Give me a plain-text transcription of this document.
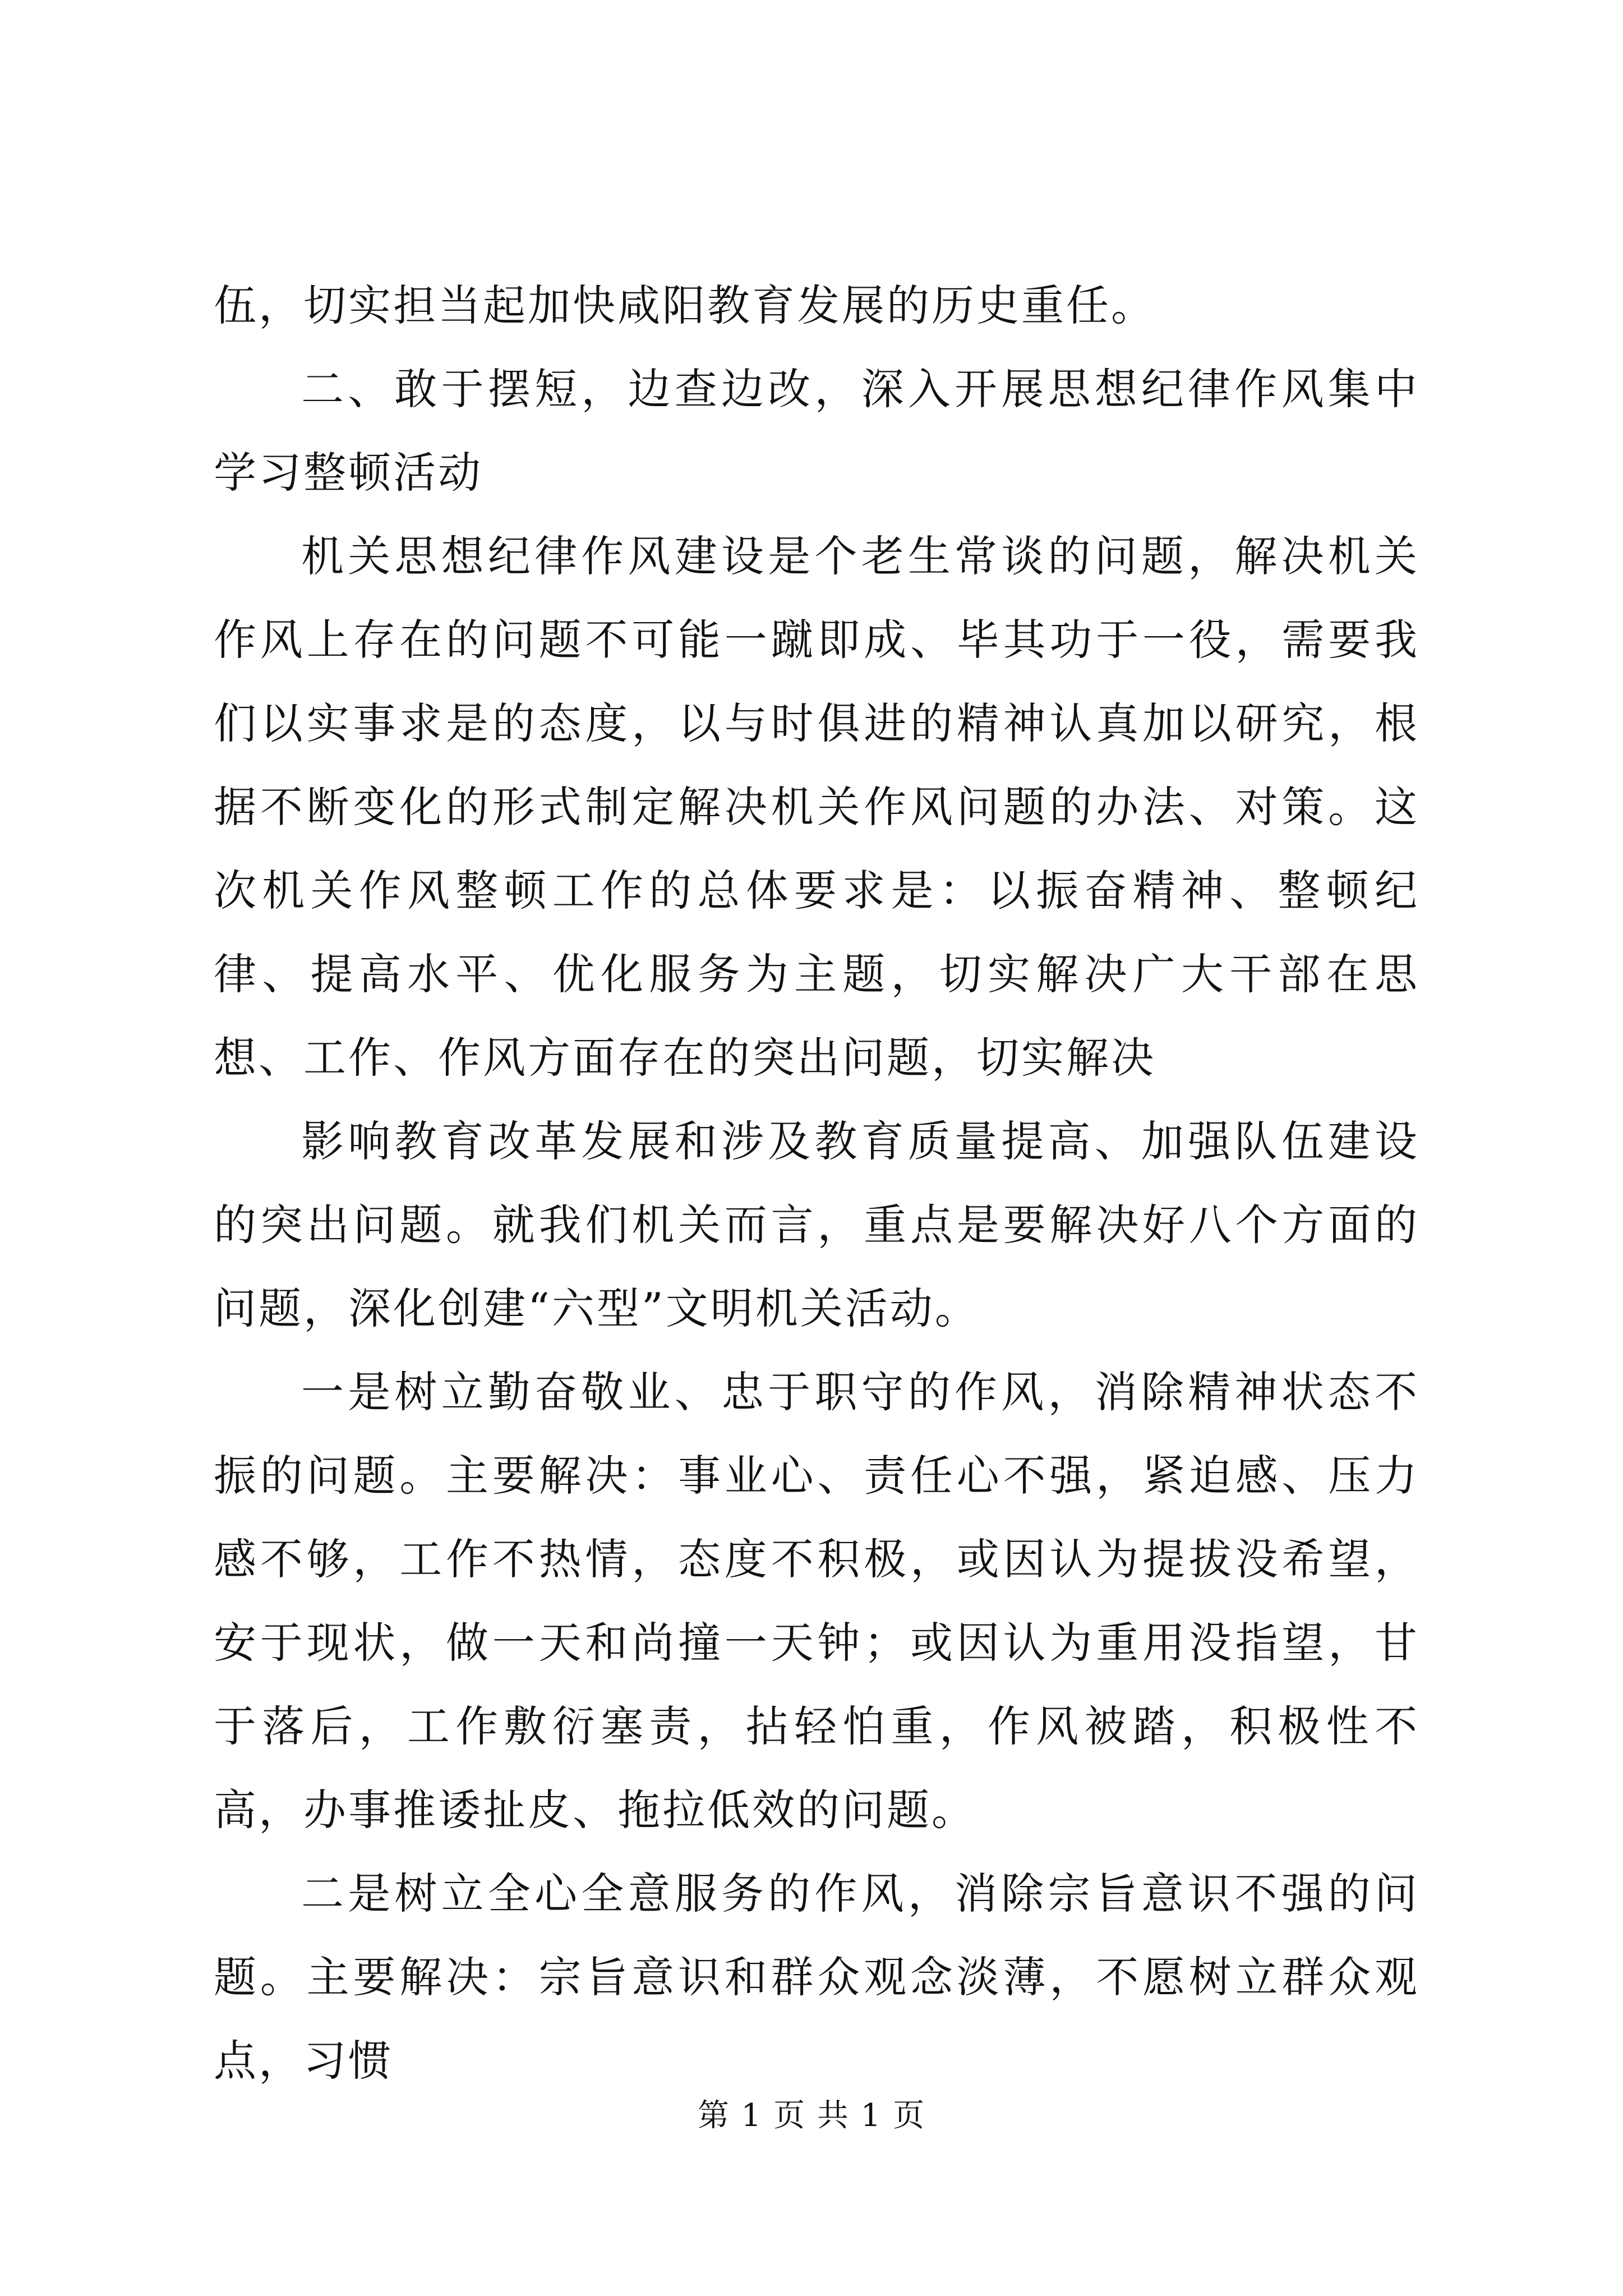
伍，切实担当起加快咸阳教育发展的历史重任。

二、敢于摆短，边查边改，深入开展思想纪律作风集中学习整顿活动

机关思想纪律作风建设是个老生常谈的问题，解决机关作风上存在的问题不可能一蹴即成、毕其功于一役，需要我们以实事求是的态度，以与时俱进的精神认真加以研究，根据不断变化的形式制定解决机关作风问题的办法、对策。这次机关作风整顿工作的总体要求是：以振奋精神、整顿纪律、提高水平、优化服务为主题，切实解决广大干部在思想、工作、作风方面存在的突出问题，切实解决

影响教育改革发展和涉及教育质量提高、加强队伍建设的突出问题。就我们机关而言，重点是要解决好八个方面的问题，深化创建“六型”文明机关活动。

一是树立勤奋敬业、忠于职守的作风，消除精神状态不振的问题。主要解决：事业心、责任心不强，紧迫感、压力感不够，工作不热情，态度不积极，或因认为提拔没希望，安于现状，做一天和尚撞一天钟；或因认为重用没指望，甘于落后，工作敷衍塞责，拈轻怕重，作风被踏，积极性不高，办事推诿扯皮、拖拉低效的问题。

二是树立全心全意服务的作风，消除宗旨意识不强的问题。主要解决：宗旨意识和群众观念淡薄，不愿树立群众观点，习惯

第 1 页 共 1 页
